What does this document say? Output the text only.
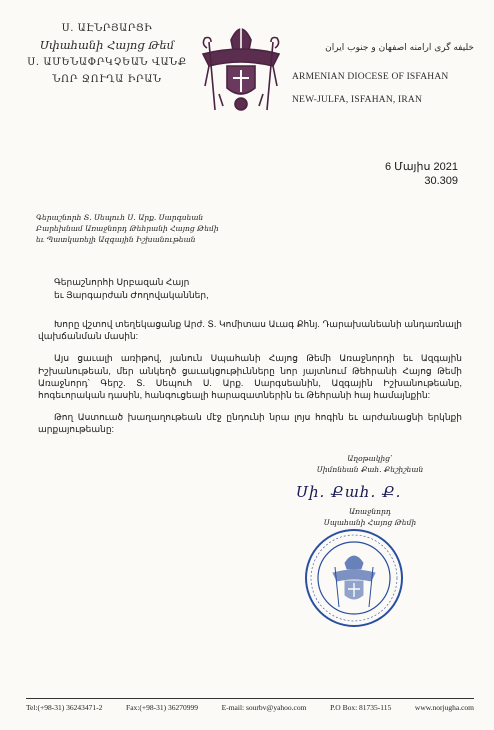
Ս. ԱԷՆՐՅԱՐՑԻ
Սփահանի Հայոց Թեմ
Ս. ԱՄԵՆԱՓՐԿՉԵԱՆ ՎԱՆՔ
ՆՈՐ ՋՈՒՂԱ ԻՐԱՆ
خلیفه گری ارامنه اصفهان و جنوب ایران
ARMENIAN DIOCESE OF ISFAHAN
NEW-JULFA, ISFAHAN, IRAN
6 Մայիս 2021
30.309
Գերաշնորհ Տ. Սեպուհ Ս. Արք. Սարգսեան
Բարեխնամ Առաջնորդ Թեհրանի Հայոց Թեմի
եւ Պատկառելի Ազգային Իշխանութեան
Գերաշնորհի Սրբազան Հայր
եւ Յարգարժան Ժողովականներ,

Խորը վշտով տեղեկացանք Արժ. Տ. Կոմիտաս Աւագ Քհնյ. Դարախանեանի անդառնալի վախճանման մասին:

Այս ցաւալի առիթով, յանուն Սպահանի Հայոց Թեմի Առաջնորդի եւ Ազգային Իշխանութեան, մեր անկեղծ ցաւակցութիւնները նոր յայտնում Թեհրանի Հայոց Թեմի Առաջնորդ՝ Գերշ. Տ. Սեպուհ Ս. Արք. Սարգսեանին, Ազգային Իշխանութեանը, հոգեւորական դասին, հանգուցեալի հարազատներին եւ Թեհրանի հայ համայնքին:

Թող Աստուած խաղաղութեան մէջ ընդունի նրա լոյս հոգին եւ արժանացնի երկնքի արքայութեանը:

Աղօթակից՝
Սիմոնեան Քահ. Քեշիշեան
Սի. Քահ. Ք.
Առաջնորդ
Սպահանի Հայոց Թեմի
Tel:(+98-31) 36243471-2	Fax:(+98-31) 36270999	E-mail: sourbv@yahoo.com	P.O Box: 81735-115	www.norjugha.com
